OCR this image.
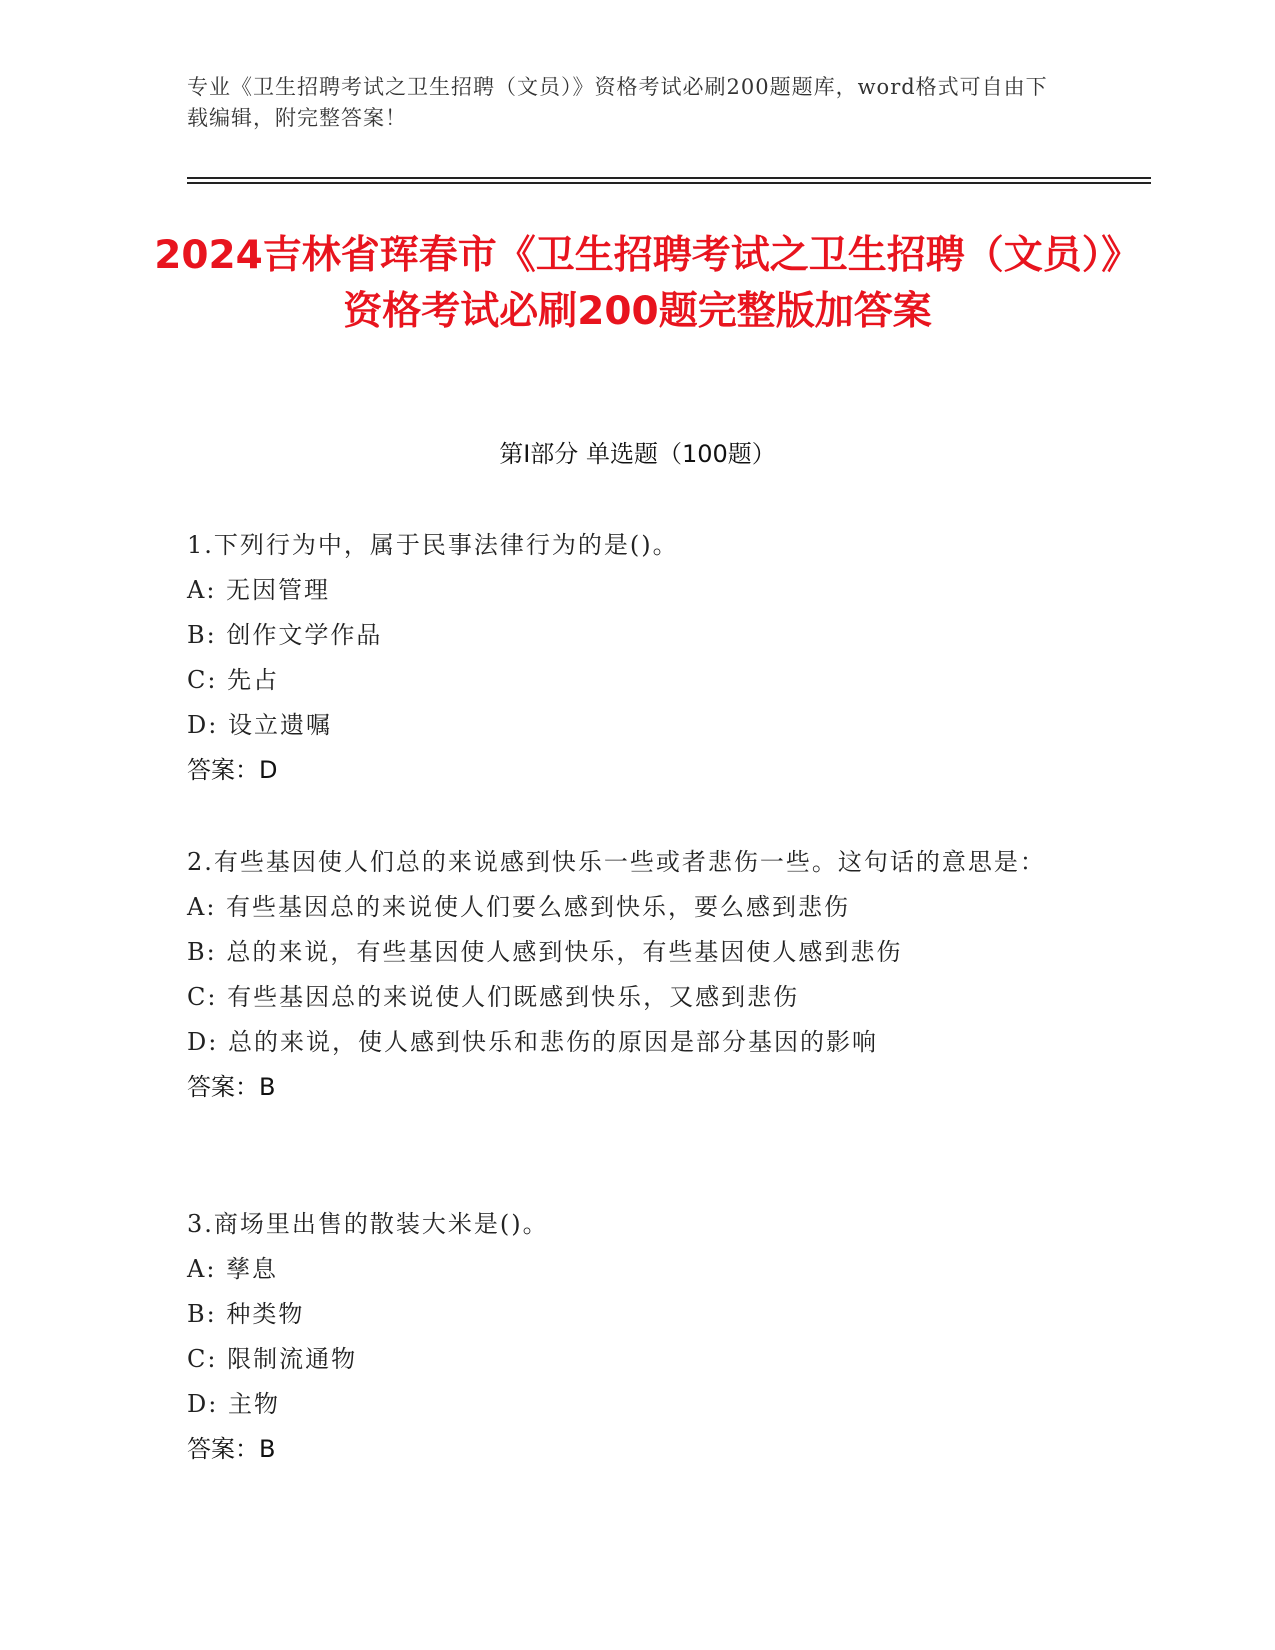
专业《卫生招聘考试之卫生招聘（文员）》资格考试必刷200题题库，word格式可自由下载编辑，附完整答案！
2024吉林省珲春市《卫生招聘考试之卫生招聘（文员）》资格考试必刷200题完整版加答案
第I部分 单选题（100题）
1.下列行为中，属于民事法律行为的是()。
A: 无因管理
B: 创作文学作品
C: 先占
D: 设立遗嘱
答案：D
2.有些基因使人们总的来说感到快乐一些或者悲伤一些。这句话的意思是：
A: 有些基因总的来说使人们要么感到快乐，要么感到悲伤
B: 总的来说，有些基因使人感到快乐，有些基因使人感到悲伤
C: 有些基因总的来说使人们既感到快乐，又感到悲伤
D: 总的来说，使人感到快乐和悲伤的原因是部分基因的影响
答案：B
3.商场里出售的散装大米是()。
A: 孳息
B: 种类物
C: 限制流通物
D: 主物
答案：B
